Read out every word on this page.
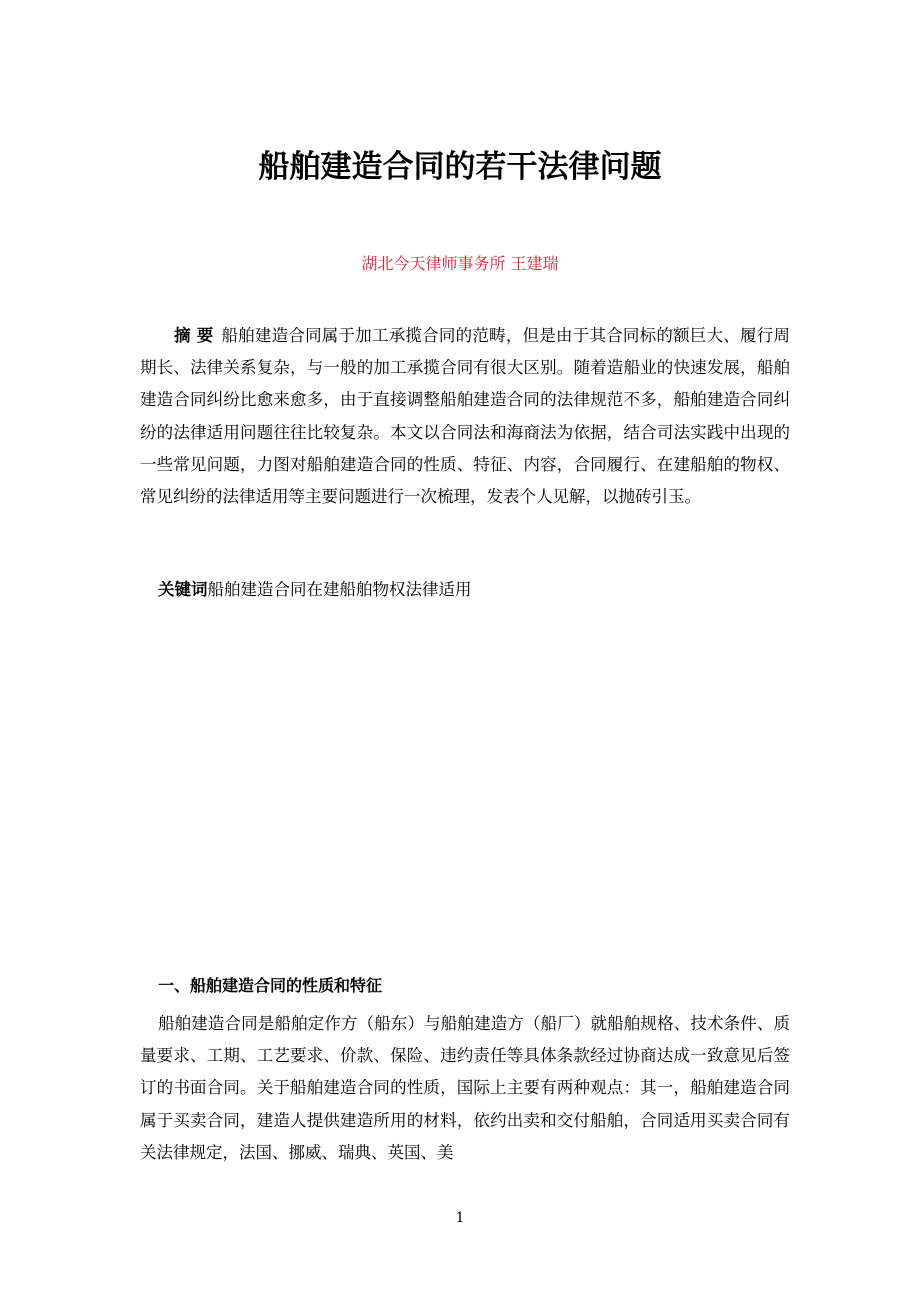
船舶建造合同的若干法律问题
湖北今天律师事务所 王建瑞

摘 要 船舶建造合同属于加工承揽合同的范畴，但是由于其合同标的额巨大、履行周期长、法律关系复杂，与一般的加工承揽合同有很大区别。随着造船业的快速发展，船舶建造合同纠纷比愈来愈多，由于直接调整船舶建造合同的法律规范不多，船舶建造合同纠纷的法律适用问题往往比较复杂。本文以合同法和海商法为依据，结合司法实践中出现的一些常见问题，力图对船舶建造合同的性质、特征、内容，合同履行、在建船舶的物权、常见纠纷的法律适用等主要问题进行一次梳理，发表个人见解，以抛砖引玉。

关键词船舶建造合同在建船舶物权法律适用
一、船舶建造合同的性质和特征

船舶建造合同是船舶定作方（船东）与船舶建造方（船厂）就船舶规格、技术条件、质量要求、工期、工艺要求、价款、保险、违约责任等具体条款经过协商达成一致意见后签订的书面合同。关于船舶建造合同的性质，国际上主要有两种观点：其一，船舶建造合同属于买卖合同，建造人提供建造所用的材料，依约出卖和交付船舶，合同适用买卖合同有关法律规定，法国、挪威、瑞典、英国、美

1
